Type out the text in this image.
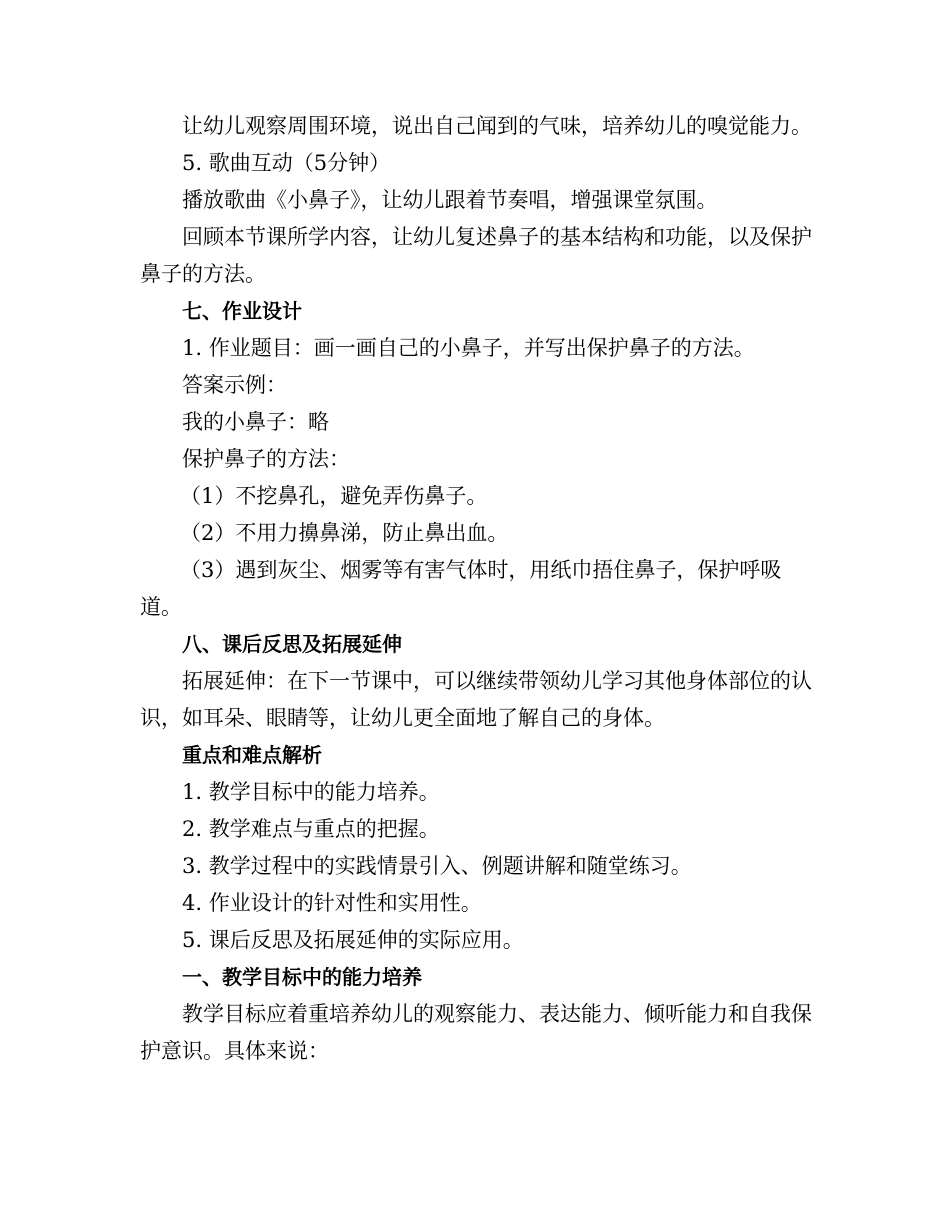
让幼儿观察周围环境，说出自己闻到的气味，培养幼儿的嗅觉能力。

5. 歌曲互动（5分钟）

播放歌曲《小鼻子》，让幼儿跟着节奏唱，增强课堂氛围。

回顾本节课所学内容，让幼儿复述鼻子的基本结构和功能，以及保护鼻子的方法。

七、作业设计

1. 作业题目：画一画自己的小鼻子，并写出保护鼻子的方法。

答案示例：

我的小鼻子：略

保护鼻子的方法：

（1）不挖鼻孔，避免弄伤鼻子。

（2）不用力擤鼻涕，防止鼻出血。

（3）遇到灰尘、烟雾等有害气体时，用纸巾捂住鼻子，保护呼吸道。

八、课后反思及拓展延伸

拓展延伸：在下一节课中，可以继续带领幼儿学习其他身体部位的认识，如耳朵、眼睛等，让幼儿更全面地了解自己的身体。

重点和难点解析

1. 教学目标中的能力培养。

2. 教学难点与重点的把握。

3. 教学过程中的实践情景引入、例题讲解和随堂练习。

4. 作业设计的针对性和实用性。

5. 课后反思及拓展延伸的实际应用。

一、教学目标中的能力培养

教学目标应着重培养幼儿的观察能力、表达能力、倾听能力和自我保护意识。具体来说：
